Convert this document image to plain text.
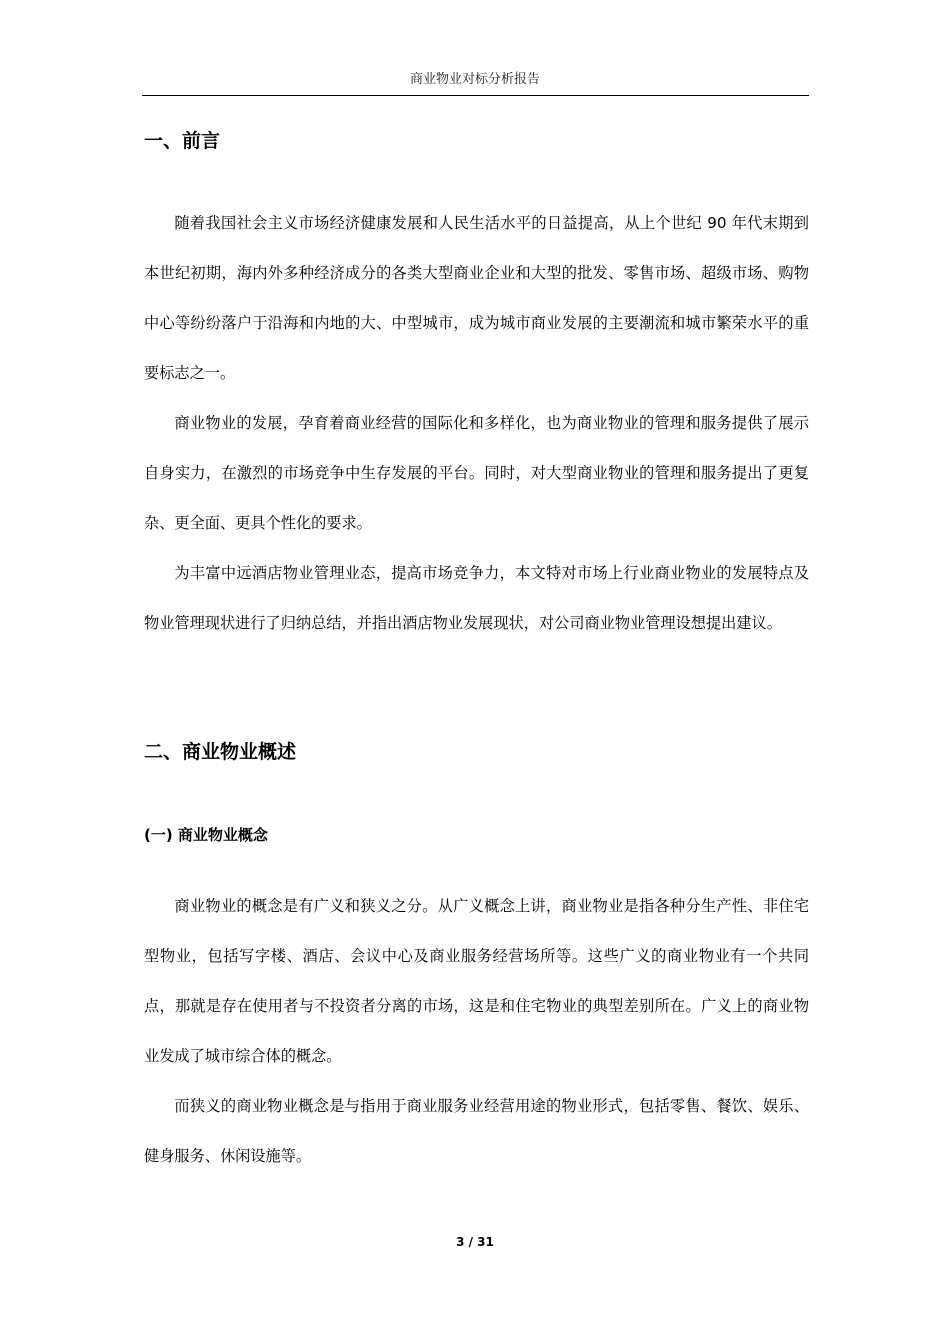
商业物业对标分析报告
一、前言

随着我国社会主义市场经济健康发展和人民生活水平的日益提高，从上个世纪 90 年代末期到本世纪初期，海内外多种经济成分的各类大型商业企业和大型的批发、零售市场、超级市场、购物中心等纷纷落户于沿海和内地的大、中型城市，成为城市商业发展的主要潮流和城市繁荣水平的重要标志之一。

商业物业的发展，孕育着商业经营的国际化和多样化，也为商业物业的管理和服务提供了展示自身实力，在激烈的市场竞争中生存发展的平台。同时，对大型商业物业的管理和服务提出了更复杂、更全面、更具个性化的要求。

为丰富中远酒店物业管理业态，提高市场竞争力，本文特对市场上行业商业物业的发展特点及物业管理现状进行了归纳总结，并指出酒店物业发展现状，对公司商业物业管理设想提出建议。

二、商业物业概述
(一) 商业物业概念

商业物业的概念是有广义和狭义之分。从广义概念上讲，商业物业是指各种分生产性、非住宅型物业，包括写字楼、酒店、会议中心及商业服务经营场所等。这些广义的商业物业有一个共同点，那就是存在使用者与不投资者分离的市场，这是和住宅物业的典型差别所在。广义上的商业物业发成了城市综合体的概念。

而狭义的商业物业概念是与指用于商业服务业经营用途的物业形式，包括零售、餐饮、娱乐、健身服务、休闲设施等。

3 / 31
